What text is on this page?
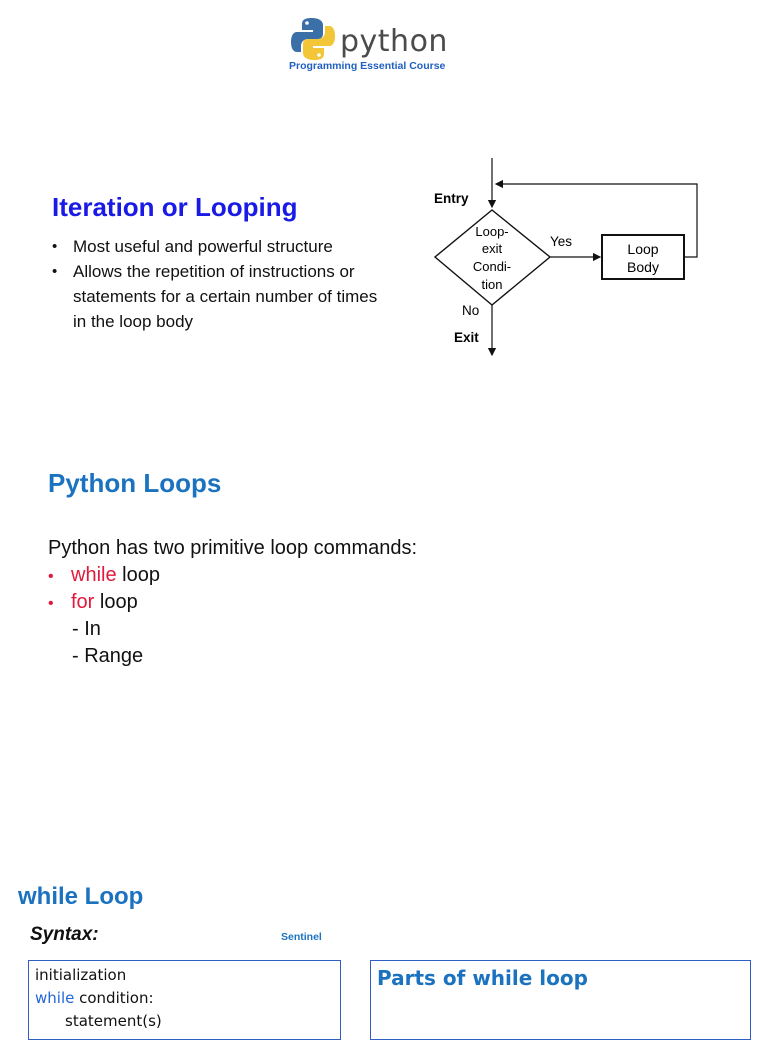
python
Programming Essential Course
Iteration or Looping
• Most useful and powerful structure
• Allows the repetition of instructions or statements for a certain number of times in the loop body
Entry
Loop-
exit
Condi-
tion
Yes	Loop
Body
No
Exit
Python Loops
Python has two primitive loop commands:
• while loop
• for loop
- In
- Range
while Loop
Syntax:	Sentinel
initialization
while condition:
statement(s)
Parts of while loop
